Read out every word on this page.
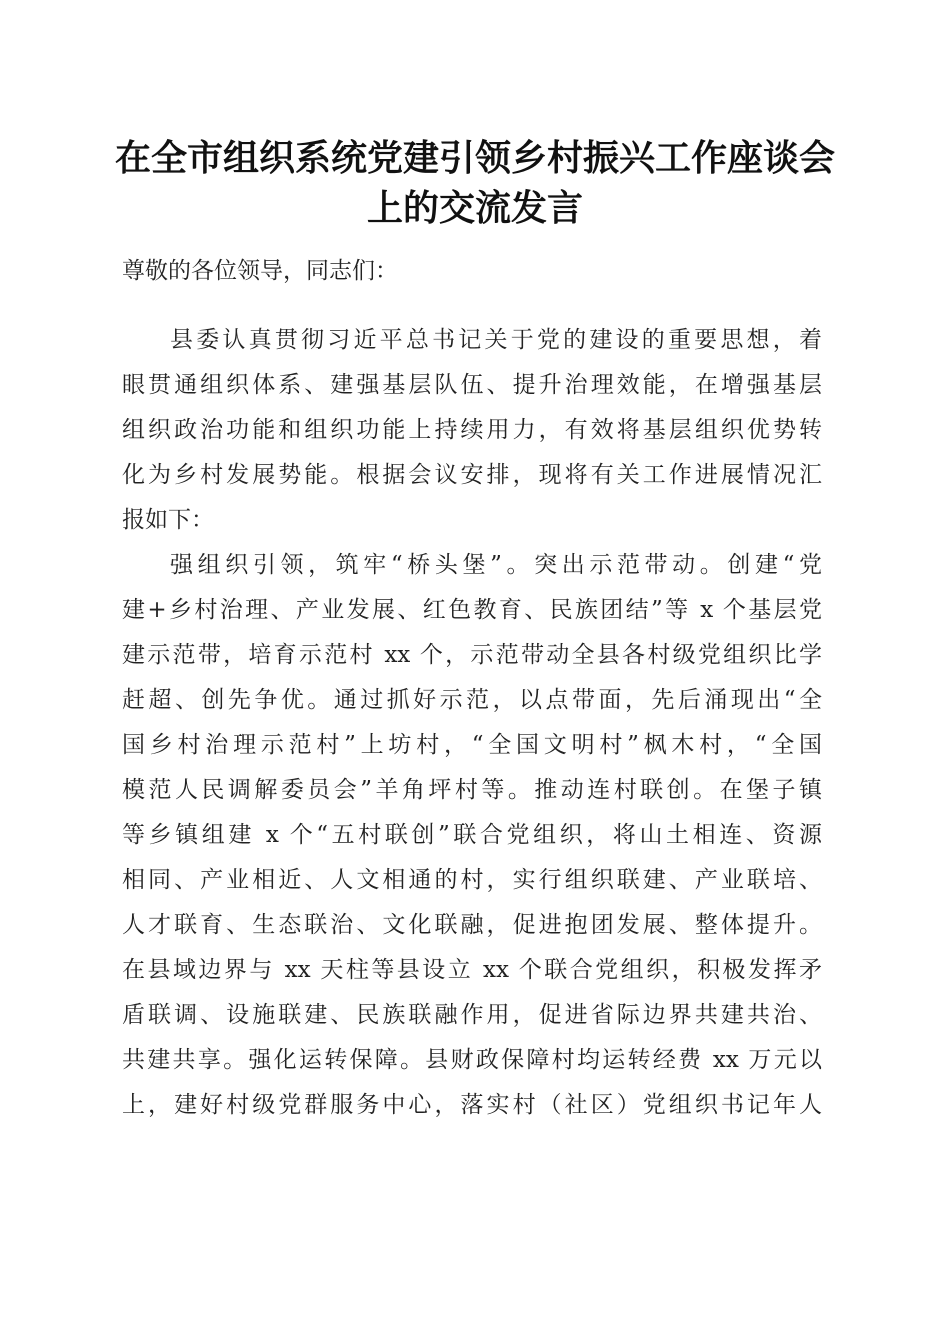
在全市组织系统党建引领乡村振兴工作座谈会
上的交流发言

尊敬的各位领导，同志们：

县委认真贯彻习近平总书记关于党的建设的重要思想，着

眼贯通组织体系、建强基层队伍、提升治理效能，在增强基层

组织政治功能和组织功能上持续用力，有效将基层组织优势转

化为乡村发展势能。根据会议安排，现将有关工作进展情况汇

报如下：

强组织引领，筑牢“桥头堡”。突出示范带动。创建“党

建+乡村治理、产业发展、红色教育、民族团结”等 x 个基层党

建示范带，培育示范村 xx 个，示范带动全县各村级党组织比学

赶超、创先争优。通过抓好示范，以点带面，先后涌现出“全

国乡村治理示范村”上坊村，“全国文明村”枫木村，“全国

模范人民调解委员会”羊角坪村等。推动连村联创。在堡子镇

等乡镇组建 x 个“五村联创”联合党组织，将山土相连、资源

相同、产业相近、人文相通的村，实行组织联建、产业联培、

人才联育、生态联治、文化联融，促进抱团发展、整体提升。

在县域边界与 xx 天柱等县设立 xx 个联合党组织，积极发挥矛

盾联调、设施联建、民族联融作用，促进省际边界共建共治、

共建共享。强化运转保障。县财政保障村均运转经费 xx 万元以

上，建好村级党群服务中心，落实村（社区）党组织书记年人
